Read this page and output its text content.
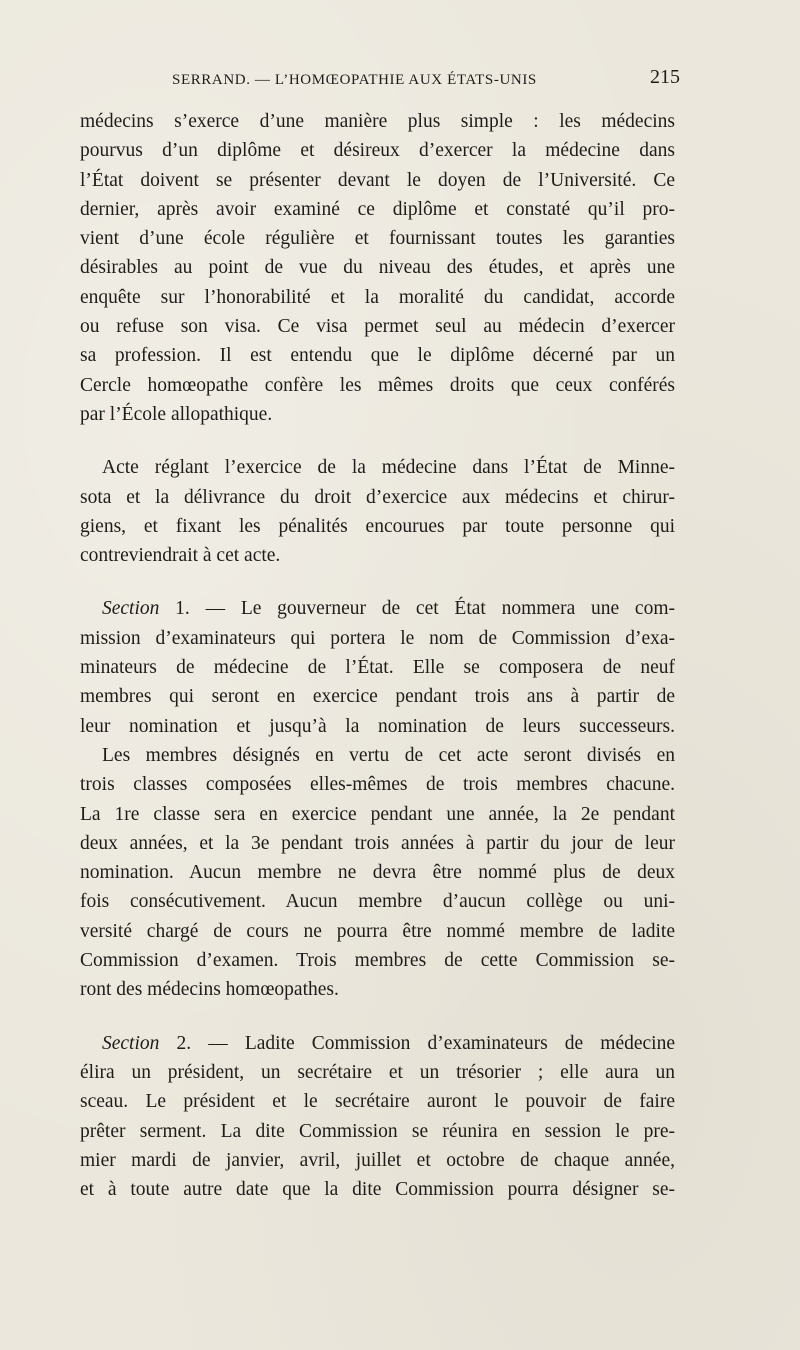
SERRAND. — L’HOMŒOPATHIE AUX ÉTATS-UNIS	215
médecins s’exerce d’une manière plus simple : les médecins
pourvus d’un diplôme et désireux d’exercer la médecine dans
l’État doivent se présenter devant le doyen de l’Université. Ce
dernier, après avoir examiné ce diplôme et constaté qu’il pro-
vient d’une école régulière et fournissant toutes les garanties
désirables au point de vue du niveau des études, et après une
enquête sur l’honorabilité et la moralité du candidat, accorde
ou refuse son visa. Ce visa permet seul au médecin d’exercer
sa profession. Il est entendu que le diplôme décerné par un
Cercle homœopathe confère les mêmes droits que ceux conférés
par l’École allopathique.
Acte réglant l’exercice de la médecine dans l’État de Minne-
sota et la délivrance du droit d’exercice aux médecins et chirur-
giens, et fixant les pénalités encourues par toute personne qui
contreviendrait à cet acte.
Section 1. — Le gouverneur de cet État nommera une com-
mission d’examinateurs qui portera le nom de Commission d’exa-
minateurs de médecine de l’État. Elle se composera de neuf
membres qui seront en exercice pendant trois ans à partir de
leur nomination et jusqu’à la nomination de leurs successeurs.
Les membres désignés en vertu de cet acte seront divisés en
trois classes composées elles-mêmes de trois membres chacune.
La 1re classe sera en exercice pendant une année, la 2e pendant
deux années, et la 3e pendant trois années à partir du jour de leur
nomination. Aucun membre ne devra être nommé plus de deux
fois consécutivement. Aucun membre d’aucun collège ou uni-
versité chargé de cours ne pourra être nommé membre de ladite
Commission d’examen. Trois membres de cette Commission se-
ront des médecins homœopathes.
Section 2. — Ladite Commission d’examinateurs de médecine
élira un président, un secrétaire et un trésorier ; elle aura un
sceau. Le président et le secrétaire auront le pouvoir de faire
prêter serment. La dite Commission se réunira en session le pre-
mier mardi de janvier, avril, juillet et octobre de chaque année,
et à toute autre date que la dite Commission pourra désigner se-
